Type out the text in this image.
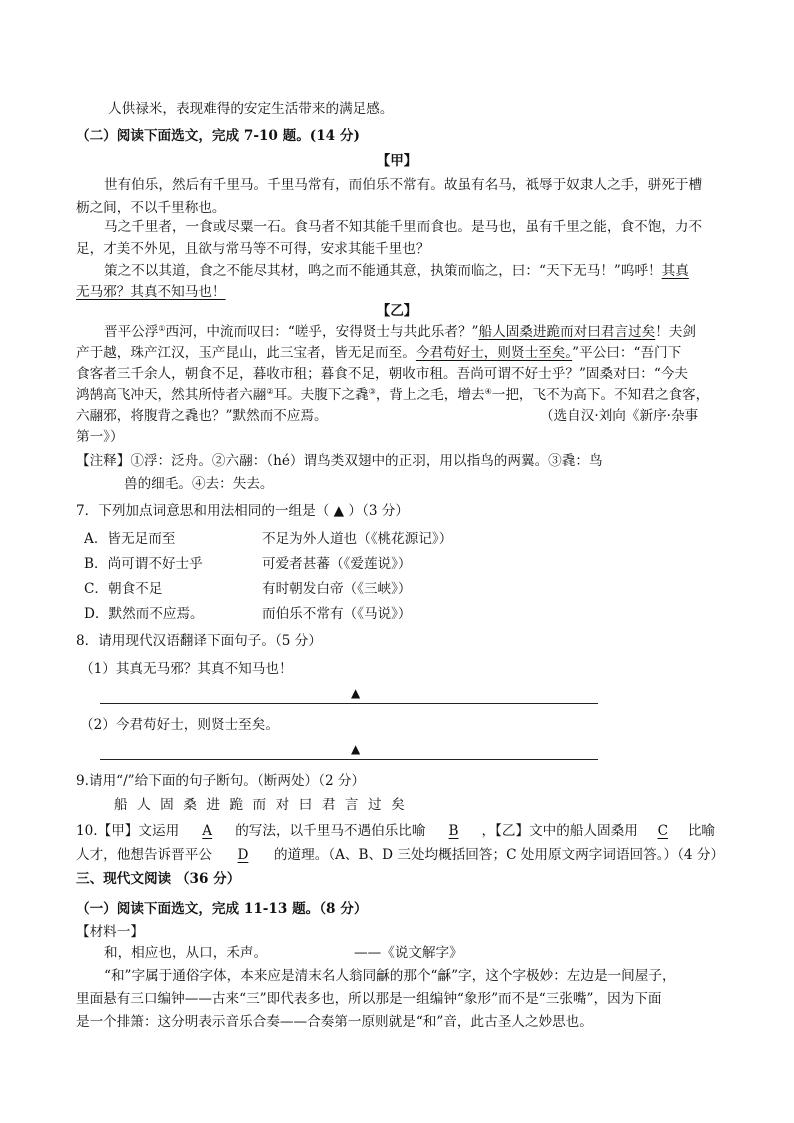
人供禄米，表现难得的安定生活带来的满足感。
（二）阅读下面选文，完成 7-10 题。(14 分)
【甲】
世有伯乐，然后有千里马。千里马常有，而伯乐不常有。故虽有名马，祗辱于奴隶人之手，骈死于槽
枥之间，不以千里称也。
马之千里者，一食或尽粟一石。食马者不知其能千里而食也。是马也，虽有千里之能，食不饱，力不
足，才美不外见，且欲与常马等不可得，安求其能千里也？
策之不以其道，食之不能尽其材，鸣之而不能通其意，执策而临之，曰：“天下无马！”呜呼！其真
无马邪？其真不知马也！
【乙】
晋平公浮①西河，中流而叹曰：“嗟乎，安得贤士与共此乐者？”船人固桑进跪而对曰君言过矣！夫剑
产于越，珠产江汉，玉产昆山，此三宝者，皆无足而至。今君苟好士，则贤士至矣。”平公曰：“吾门下
食客者三千余人，朝食不足，暮收市租；暮食不足，朝收市租。吾尚可谓不好士乎？”固桑对曰：“今夫
鸿鹄高飞冲天，然其所恃者六翮②耳。夫腹下之毳③，背上之毛，增去④一把，飞不为高下。不知君之食客，
六翮邪，将腹背之毳也？”默然而不应焉。	（选自汉·刘向《新序·杂事
第一》）
【注释】①浮：泛舟。②六翮：（hé）谓鸟类双翅中的正羽，用以指鸟的两翼。③毳：鸟
兽的细毛。④去：失去。
7．下列加点词意思和用法相同的一组是（ ▲ ）（3 分）
A．皆无足而至	不足为外人道也（《桃花源记》）
B．尚可谓不好士乎	可爱者甚蕃（《爱莲说》）
C．朝食不足	有时朝发白帝（《三峡》）
D．默然而不应焉。	而伯乐不常有（《马说》）
8．请用现代汉语翻译下面句子。（5 分）
（1）其真无马邪？其真不知马也！
▲
（2）今君苟好士，则贤士至矣。
▲
9.请用“/”给下面的句子断句。（断两处）（2 分）
船人固桑进跪而对曰君言过矣
10.【甲】文运用 A 的写法，以千里马不遇伯乐比喻 B ，【乙】文中的船人固桑用 C 比喻
人才，他想告诉晋平公 D 的道理。（A、B、D 三处均概括回答；C 处用原文两字词语回答。）（4 分）
三、现代文阅读 （36 分）
（一）阅读下面选文，完成 11-13 题。（8 分）
【材料一】
和，相应也，从口，禾声。	——《说文解字》
“和”字属于通俗字体，本来应是清末名人翁同龢的那个“龢”字，这个字极妙：左边是一间屋子，
里面悬有三口编钟——古来“三”即代表多也，所以那是一组编钟“象形”而不是“三张嘴”，因为下面
是一个排箫：这分明表示音乐合奏——合奏第一原则就是“和”音，此古圣人之妙思也。
